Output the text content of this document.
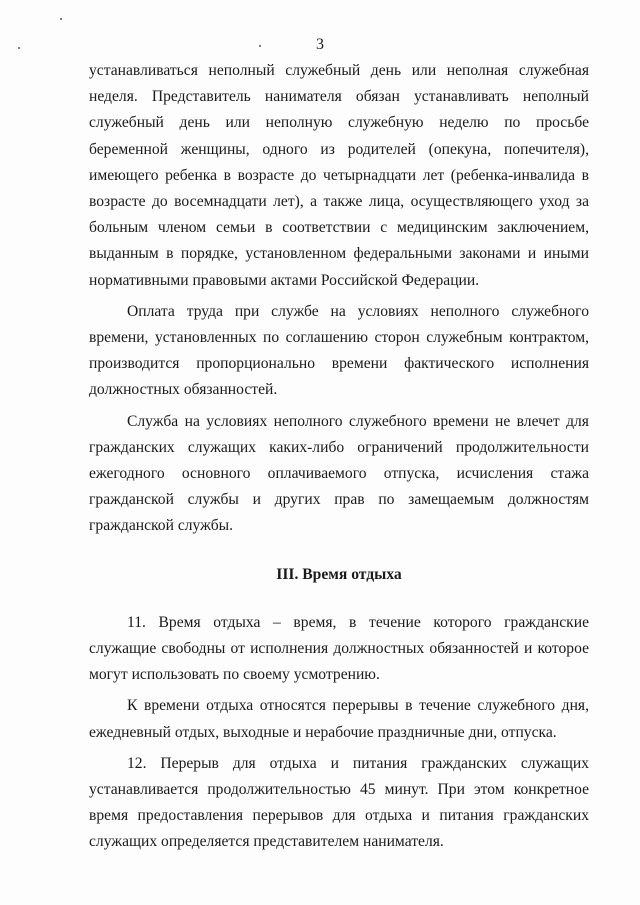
3

устанавливаться неполный служебный день или неполная служебная неделя. Представитель нанимателя обязан устанавливать неполный служебный день или неполную служебную неделю по просьбе беременной женщины, одного из родителей (опекуна, попечителя), имеющего ребенка в возрасте до четырнадцати лет (ребенка-инвалида в возрасте до восемнадцати лет), а также лица, осуществляющего уход за больным членом семьи в соответствии с медицинским заключением, выданным в порядке, установленном федеральными законами и иными нормативными правовыми актами Российской Федерации.

Оплата труда при службе на условиях неполного служебного времени, установленных по соглашению сторон служебным контрактом, производится пропорционально времени фактического исполнения должностных обязанностей.

Служба на условиях неполного служебного времени не влечет для гражданских служащих каких-либо ограничений продолжительности ежегодного основного оплачиваемого отпуска, исчисления стажа гражданской службы и других прав по замещаемым должностям гражданской службы.

III. Время отдыха

11. Время отдыха – время, в течение которого гражданские служащие свободны от исполнения должностных обязанностей и которое могут использовать по своему усмотрению.

К времени отдыха относятся перерывы в течение служебного дня, ежедневный отдых, выходные и нерабочие праздничные дни, отпуска.

12. Перерыв для отдыха и питания гражданских служащих устанавливается продолжительностью 45 минут. При этом конкретное время предоставления перерывов для отдыха и питания гражданских служащих определяется представителем нанимателя.
